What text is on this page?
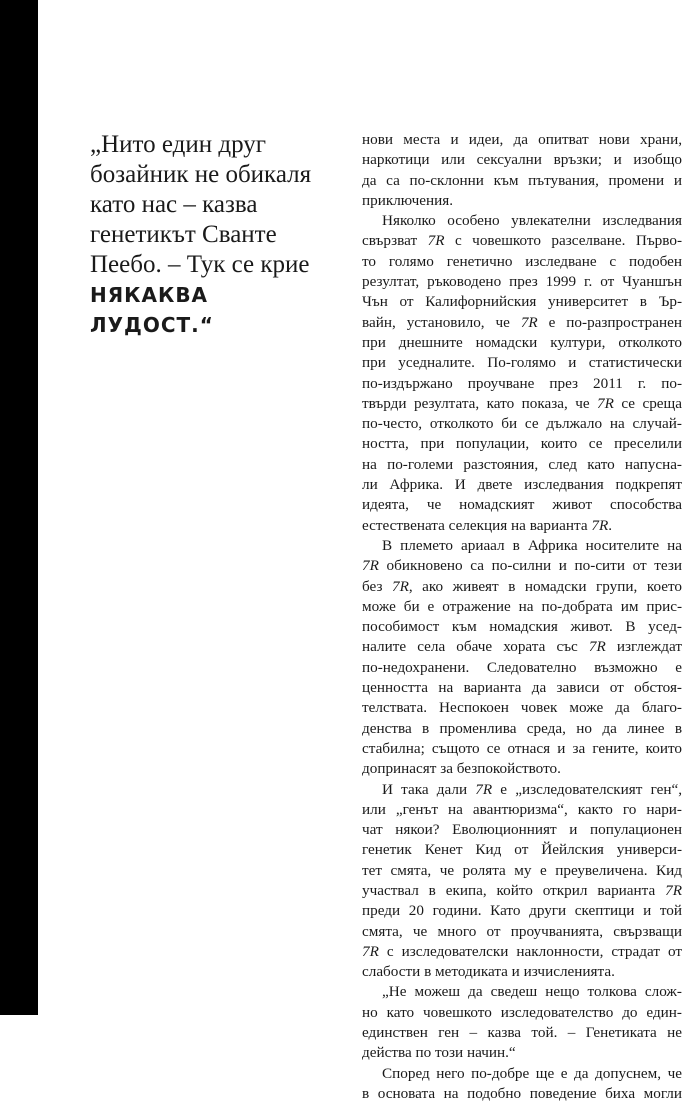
„Нито един друг бозайник не обикаля като нас – казва генетикът Сванте Пеебо. – Тук се крие НЯКАКВА ЛУДОСТ.“
нови места и идеи, да опитват нови храни,
наркотици или сексуални връзки; и изобщо
да са по-склонни към пътувания, промени и
приключения.
Няколко особено увлекателни изследвания
свързват 7R с човешкото разселване. Първо-
то голямо генетично изследване с подобен
резултат, ръководено през 1999 г. от Чуаншън
Чън от Калифорнийския университет в Ър-
вайн, установило, че 7R е по-разпространен
при днешните номадски култури, отколкото
при уседналите. По-голямо и статистически
по-издържано проучване през 2011 г. по-
твърди резултата, като показа, че 7R се среща
по-често, отколкото би се дължало на случай-
ността, при популации, които се преселили
на по-големи разстояния, след като напусна-
ли Африка. И двете изследвания подкрепят
идеята, че номадският живот способства
естествената селекция на варианта 7R.
В племето ариаал в Африка носителите на
7R обикновено са по-силни и по-сити от тези
без 7R, ако живеят в номадски групи, което
може би е отражение на по-добрата им прис-
пособимост към номадския живот. В усед-
налите села обаче хората със 7R изглеждат
по-недохранени. Следователно възможно е
ценността на варианта да зависи от обстоя-
телствата. Неспокоен човек може да благо-
денства в променлива среда, но да линее в
стабилна; същото се отнася и за гените, които
допринасят за безпокойството.
И така дали 7R е „изследователският ген“,
или „генът на авантюризма“, както го нари-
чат някои? Еволюционният и популационен
генетик Кенет Кид от Йейлския универси-
тет смята, че ролята му е преувеличена. Кид
участвал в екипа, който открил варианта 7R
преди 20 години. Като други скептици и той
смята, че много от проучванията, свързващи
7R с изследователски наклонности, страдат от
слабости в методиката и изчисленията.
„Не можеш да сведеш нещо толкова слож-
но като човешкото изследователство до един-
единствен ген – казва той. – Генетиката не
действа по този начин.“
Според него по-добре ще е да допуснем, че
в основата на подобно поведение биха могли
